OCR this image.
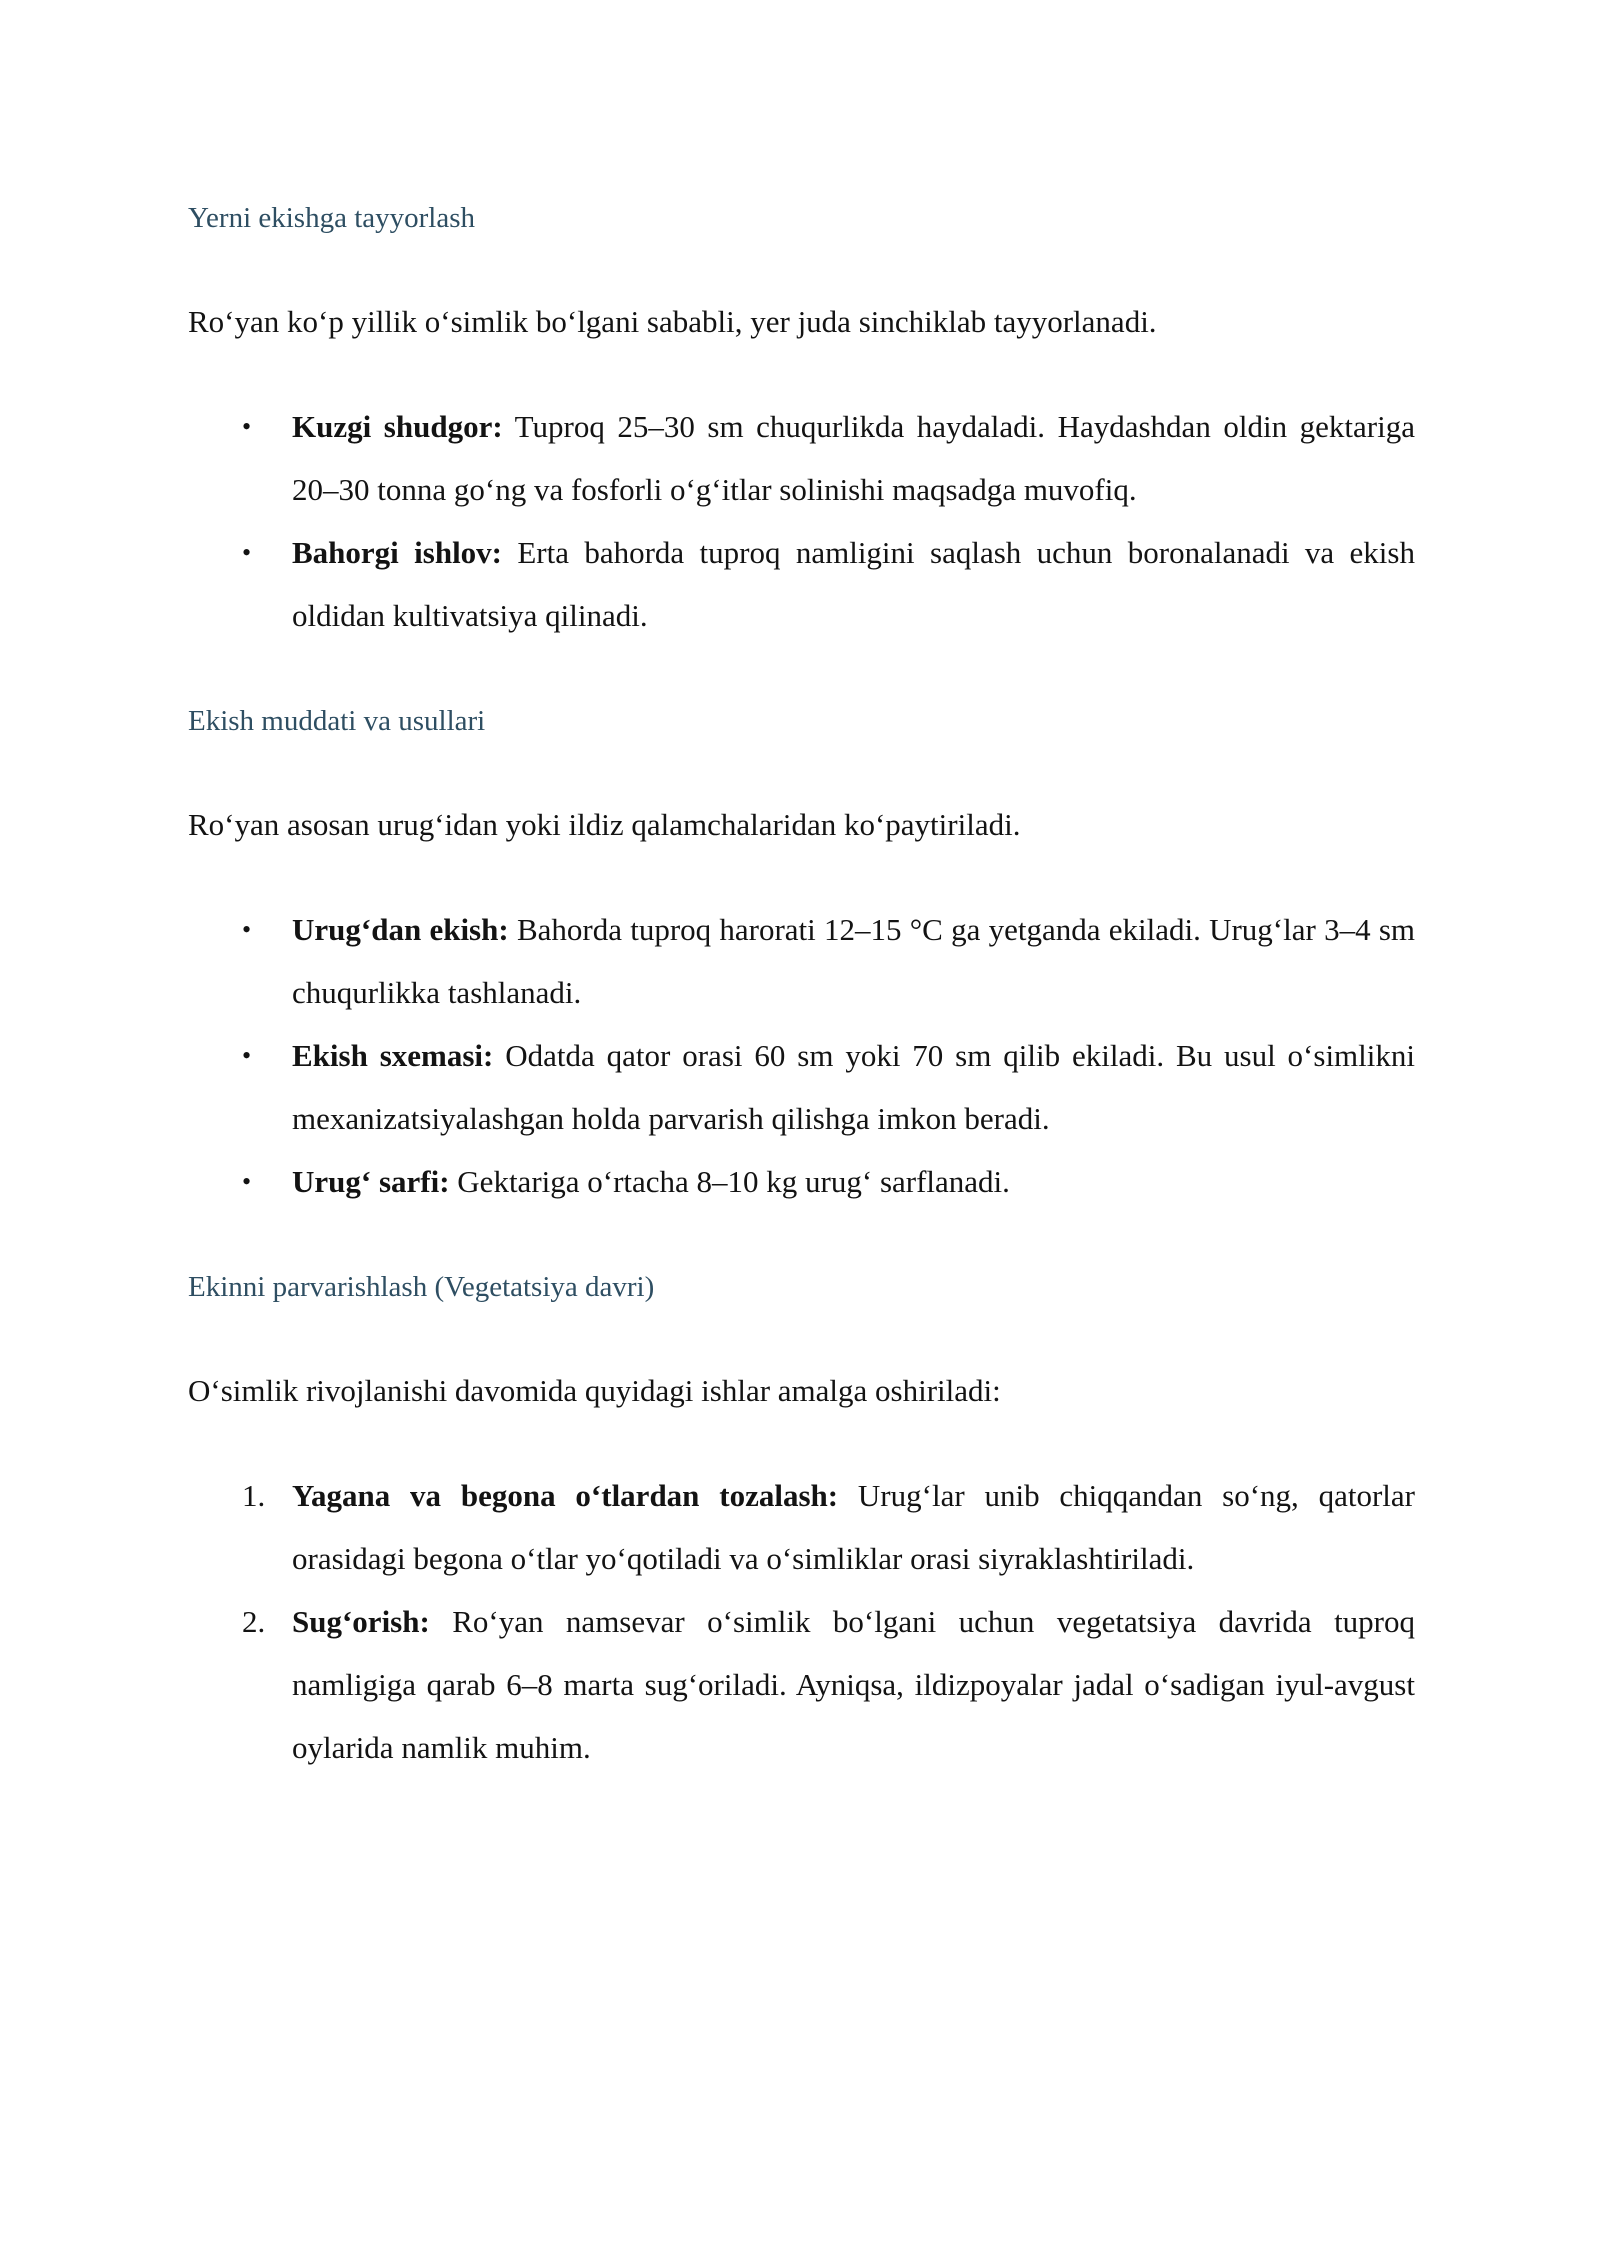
Yerni ekishga tayyorlash

Ro‘yan ko‘p yillik o‘simlik bo‘lgani sababli, yer juda sinchiklab tayyorlanadi.

•	Kuzgi shudgor: Tuproq 25–30 sm chuqurlikda haydaladi. Haydashdan oldin gektariga 20–30 tonna go‘ng va fosforli o‘g‘itlar solinishi maqsadga muvofiq.
•	Bahorgi ishlov: Erta bahorda tuproq namligini saqlash uchun boronalanadi va ekish oldidan kultivatsiya qilinadi.
Ekish muddati va usullari

Ro‘yan asosan urug‘idan yoki ildiz qalamchalaridan ko‘paytiriladi.

•	Urug‘dan ekish: Bahorda tuproq harorati 12–15 °C ga yetganda ekiladi. Urug‘lar 3–4 sm chuqurlikka tashlanadi.
•	Ekish sxemasi: Odatda qator orasi 60 sm yoki 70 sm qilib ekiladi. Bu usul o‘simlikni mexanizatsiyalashgan holda parvarish qilishga imkon beradi.
•	Urug‘ sarfi: Gektariga o‘rtacha 8–10 kg urug‘ sarflanadi.
Ekinni parvarishlash (Vegetatsiya davri)

O‘simlik rivojlanishi davomida quyidagi ishlar amalga oshiriladi:

1. Yagana va begona o‘tlardan tozalash: Urug‘lar unib chiqqandan so‘ng, qatorlar orasidagi begona o‘tlar yo‘qotiladi va o‘simliklar orasi siyraklashtiriladi.
2. Sug‘orish: Ro‘yan namsevar o‘simlik bo‘lgani uchun vegetatsiya davrida tuproq namligiga qarab 6–8 marta sug‘oriladi. Ayniqsa, ildizpoyalar jadal o‘sadigan iyul-avgust oylarida namlik muhim.
